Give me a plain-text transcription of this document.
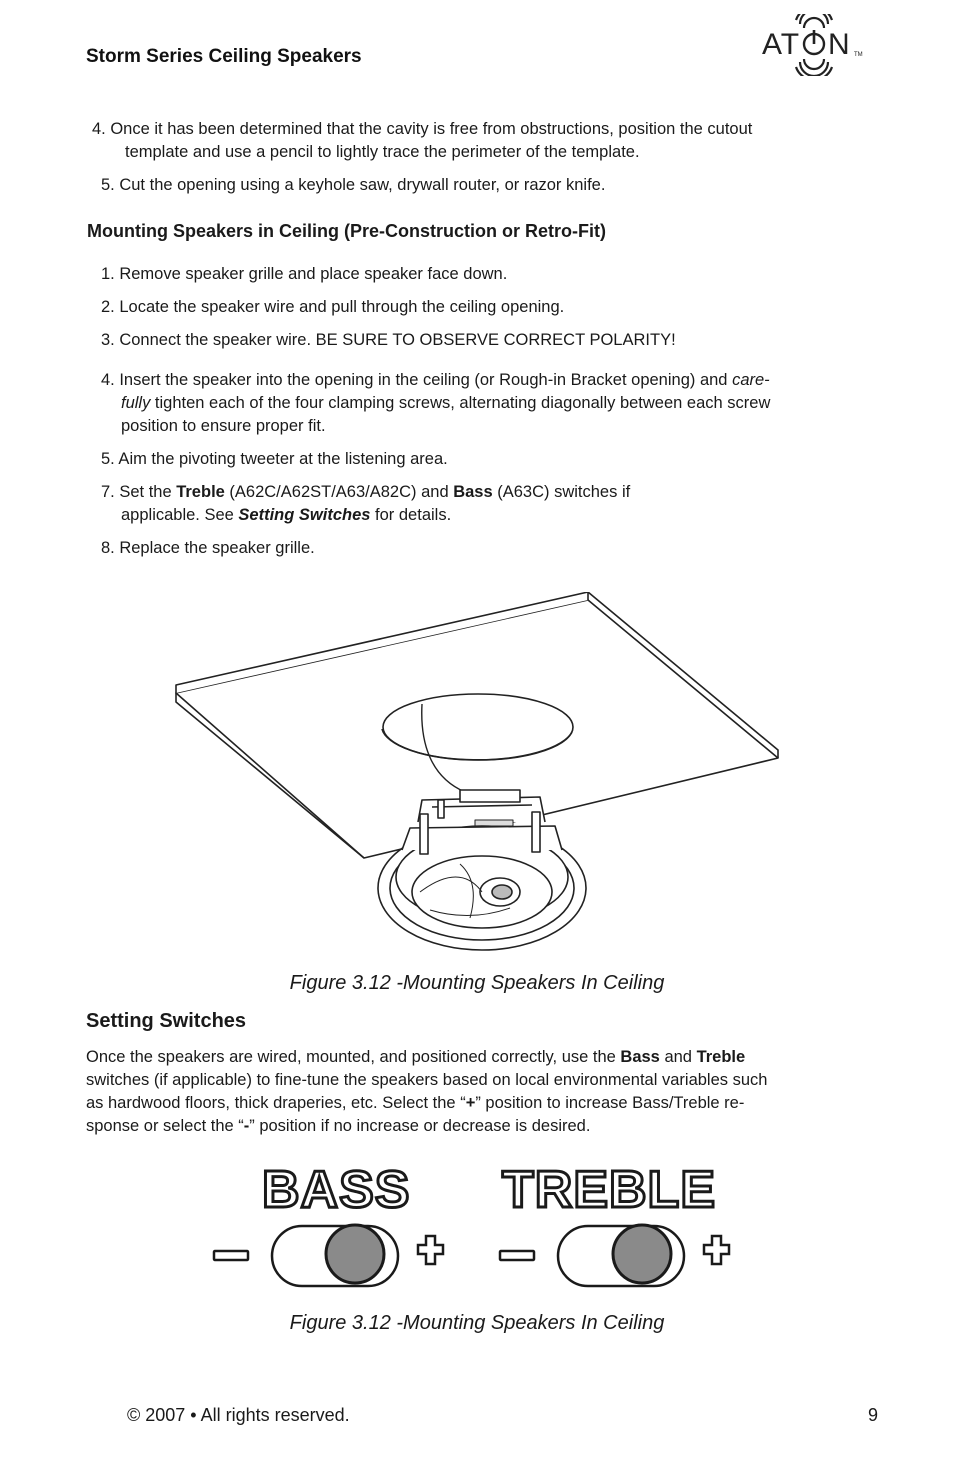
Storm Series Ceiling Speakers	AT N TM
4. Once it has been determined that the cavity is free from obstructions, position the cutout
template and use a pencil to lightly trace the perimeter of the template.
5. Cut the opening using a keyhole saw, drywall router, or razor knife.
Mounting Speakers in Ceiling (Pre-Construction or Retro-Fit)
1. Remove speaker grille and place speaker face down.
2. Locate the speaker wire and pull through the ceiling opening.
3. Connect the speaker wire. BE SURE TO OBSERVE CORRECT POLARITY!
4. Insert the speaker into the opening in the ceiling (or Rough-in Bracket opening) and care-
fully tighten each of the four clamping screws, alternating diagonally between each screw
position to ensure proper fit.
5. Aim the pivoting tweeter at the listening area.
7. Set the Treble (A62C/A62ST/A63/A82C) and Bass (A63C) switches if
applicable. See Setting Switches for details.
8. Replace the speaker grille.
Figure 3.12 -Mounting Speakers In Ceiling
Setting Switches
Once the speakers are wired, mounted, and positioned correctly, use the Bass and Treble
switches (if applicable) to fine-tune the speakers based on local environmental variables such
as hardwood floors, thick draperies, etc. Select the “+” position to increase Bass/Treble re-
sponse or select the “-” position if no increase or decrease is desired.
BASS TREBLE
Figure 3.12 -Mounting Speakers In Ceiling
© 2007 • All rights reserved.	9
